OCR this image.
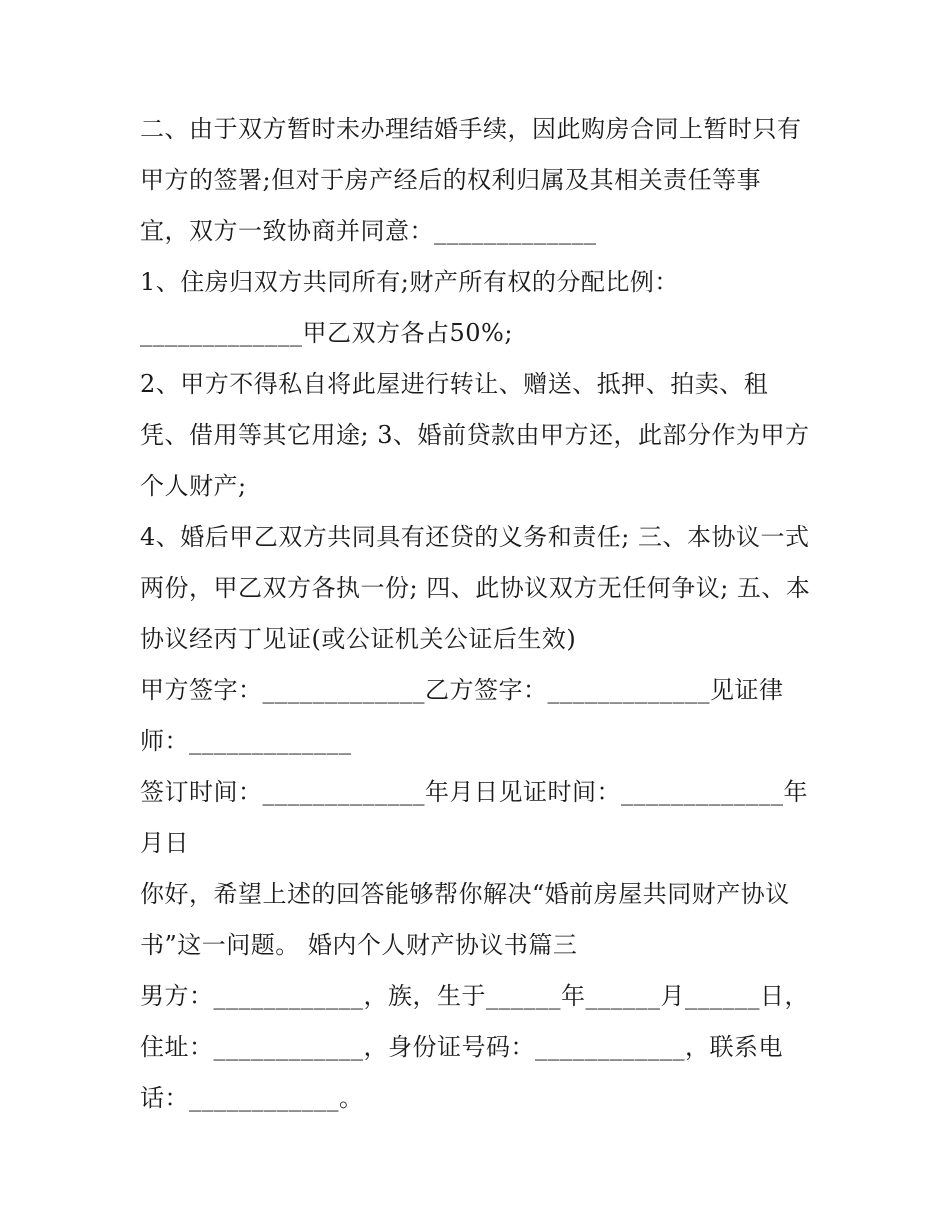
二、由于双方暂时未办理结婚手续，因此购房合同上暂时只有
甲方的签署;但对于房产经后的权利归属及其相关责任等事
宜，双方一致协商并同意：_____________
1、住房归双方共同所有;财产所有权的分配比例：
_____________甲乙双方各占50%;
2、甲方不得私自将此屋进行转让、赠送、抵押、拍卖、租
凭、借用等其它用途; 3、婚前贷款由甲方还，此部分作为甲方
个人财产;
4、婚后甲乙双方共同具有还贷的义务和责任; 三、本协议一式
两份，甲乙双方各执一份; 四、此协议双方无任何争议; 五、本
协议经丙丁见证(或公证机关公证后生效)
甲方签字：_____________乙方签字：_____________见证律
师：_____________
签订时间：_____________年月日见证时间：_____________年
月日
你好，希望上述的回答能够帮你解决“婚前房屋共同财产协议
书”这一问题。 婚内个人财产协议书篇三
男方：____________，族，生于______年______月______日，
住址：____________，身份证号码：____________，联系电
话：____________。
